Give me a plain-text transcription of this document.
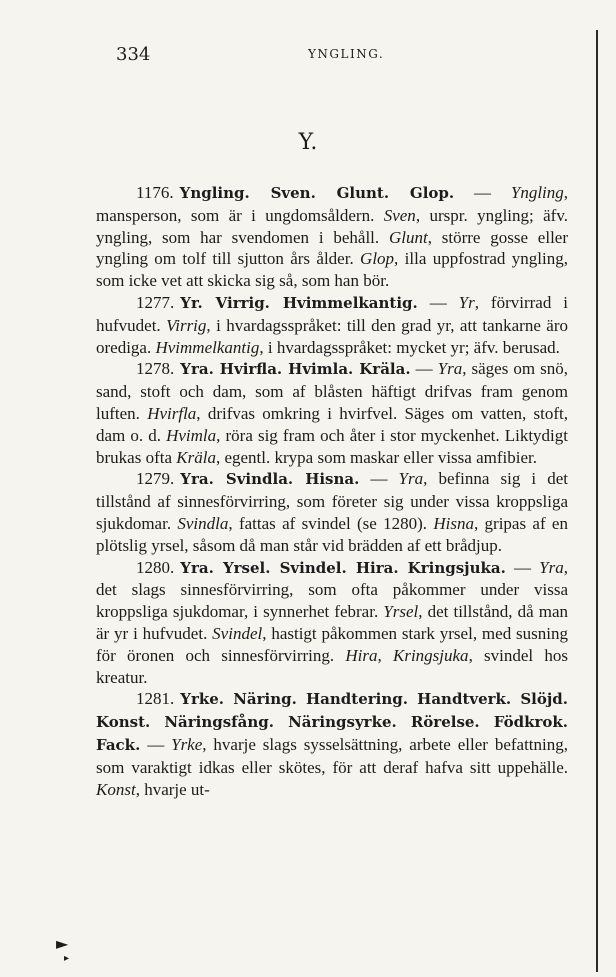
334	YNGLING.
Y.

1176. Yngling. Sven. Glunt. Glop. — Yngling, mansperson, som är i ungdomsåldern. Sven, urspr. yngling; äfv. yngling, som har svendomen i behåll. Glunt, större gosse eller yngling om tolf till sjutton års ålder. Glop, illa uppfostrad yngling, som icke vet att skicka sig så, som han bör.

1277. Yr. Virrig. Hvimmelkantig. — Yr, förvirrad i hufvudet. Virrig, i hvardagsspråket: till den grad yr, att tankarne äro orediga. Hvimmelkantig, i hvardagsspråket: mycket yr; äfv. berusad.

1278. Yra. Hvirfla. Hvimla. Kräla. — Yra, säges om snö, sand, stoft och dam, som af blåsten häftigt drifvas fram genom luften. Hvirfla, drifvas omkring i hvirfvel. Säges om vatten, stoft, dam o. d. Hvimla, röra sig fram och åter i stor myckenhet. Liktydigt brukas ofta Kräla, egentl. krypa som maskar eller vissa amfibier.

1279. Yra. Svindla. Hisna. — Yra, befinna sig i det tillstånd af sinnesförvirring, som företer sig under vissa kroppsliga sjukdomar. Svindla, fattas af svindel (se 1280). Hisna, gripas af en plötslig yrsel, såsom då man står vid brädden af ett brådjup.

1280. Yra. Yrsel. Svindel. Hira. Kringsjuka. — Yra, det slags sinnesförvirring, som ofta påkommer under vissa kroppsliga sjukdomar, i synnerhet febrar. Yrsel, det tillstånd, då man är yr i hufvudet. Svindel, hastigt påkommen stark yrsel, med susning för öronen och sinnesförvirring. Hira, Kringsjuka, svindel hos kreatur.

1281. Yrke. Näring. Handtering. Handtverk. Slöjd. Konst. Näringsfång. Näringsyrke. Rörelse. Födkrok. Fack. — Yrke, hvarje slags sysselsättning, arbete eller befattning, som varaktigt idkas eller skötes, för att deraf hafva sitt uppehälle. Konst, hvarje ut-

►
▸
